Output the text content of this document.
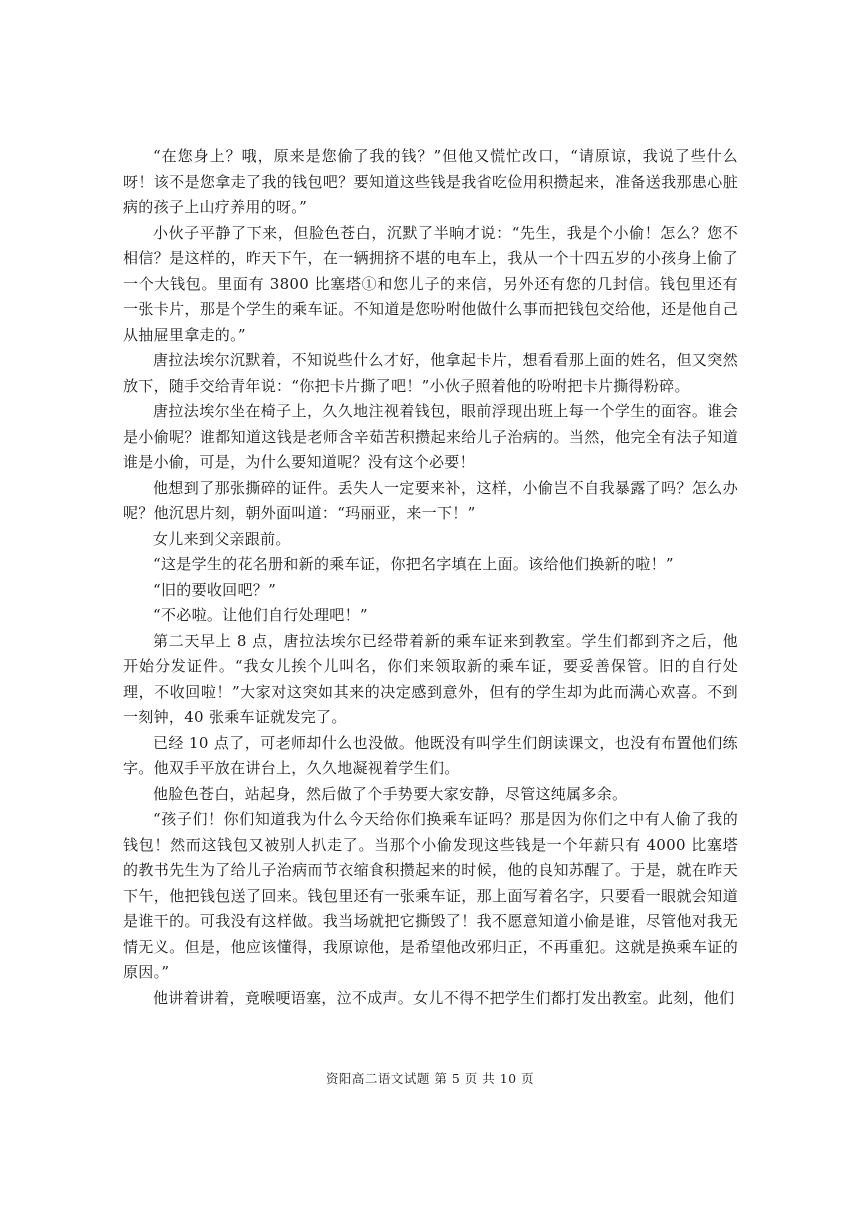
“在您身上？哦，原来是您偷了我的钱？”但他又慌忙改口，“请原谅，我说了些什么呀！该不是您拿走了我的钱包吧？要知道这些钱是我省吃俭用积攒起来，准备送我那患心脏病的孩子上山疗养用的呀。”

小伙子平静了下来，但脸色苍白，沉默了半晌才说：“先生，我是个小偷！怎么？您不相信？是这样的，昨天下午，在一辆拥挤不堪的电车上，我从一个十四五岁的小孩身上偷了一个大钱包。里面有 3800 比塞塔①和您儿子的来信，另外还有您的几封信。钱包里还有一张卡片，那是个学生的乘车证。不知道是您吩咐他做什么事而把钱包交给他，还是他自己从抽屉里拿走的。”

唐拉法埃尔沉默着，不知说些什么才好，他拿起卡片，想看看那上面的姓名，但又突然放下，随手交给青年说：“你把卡片撕了吧！”小伙子照着他的吩咐把卡片撕得粉碎。

唐拉法埃尔坐在椅子上，久久地注视着钱包，眼前浮现出班上每一个学生的面容。谁会是小偷呢？谁都知道这钱是老师含辛茹苦积攒起来给儿子治病的。当然，他完全有法子知道谁是小偷，可是，为什么要知道呢？没有这个必要！

他想到了那张撕碎的证件。丢失人一定要来补，这样，小偷岂不自我暴露了吗？怎么办呢？他沉思片刻，朝外面叫道：“玛丽亚，来一下！”

女儿来到父亲跟前。

“这是学生的花名册和新的乘车证，你把名字填在上面。该给他们换新的啦！”

“旧的要收回吧？”

“不必啦。让他们自行处理吧！”

第二天早上 8 点，唐拉法埃尔已经带着新的乘车证来到教室。学生们都到齐之后，他开始分发证件。“我女儿挨个儿叫名，你们来领取新的乘车证，要妥善保管。旧的自行处理，不收回啦！”大家对这突如其来的决定感到意外，但有的学生却为此而满心欢喜。不到一刻钟，40 张乘车证就发完了。

已经 10 点了，可老师却什么也没做。他既没有叫学生们朗读课文，也没有布置他们练字。他双手平放在讲台上，久久地凝视着学生们。

他脸色苍白，站起身，然后做了个手势要大家安静，尽管这纯属多余。

“孩子们！你们知道我为什么今天给你们换乘车证吗？那是因为你们之中有人偷了我的钱包！然而这钱包又被别人扒走了。当那个小偷发现这些钱是一个年薪只有 4000 比塞塔的教书先生为了给儿子治病而节衣缩食积攒起来的时候，他的良知苏醒了。于是，就在昨天下午，他把钱包送了回来。钱包里还有一张乘车证，那上面写着名字，只要看一眼就会知道是谁干的。可我没有这样做。我当场就把它撕毁了！我不愿意知道小偷是谁，尽管他对我无情无义。但是，他应该懂得，我原谅他，是希望他改邪归正，不再重犯。这就是换乘车证的原因。”

他讲着讲着，竟喉哽语塞，泣不成声。女儿不得不把学生们都打发出教室。此刻，他们

资阳高二语文试题 第 5 页 共 10 页
